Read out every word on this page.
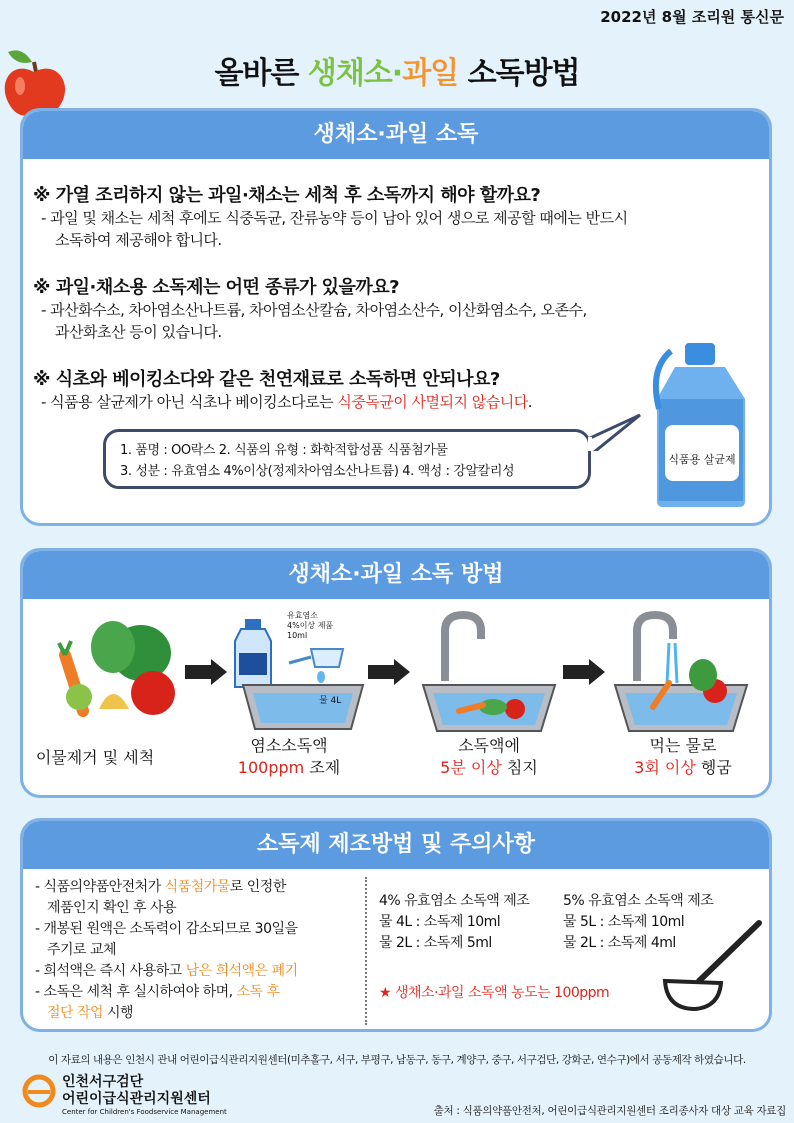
2022년 8월 조리원 통신문
올바른 생채소·과일 소독방법
생채소·과일 소독
※ 가열 조리하지 않는 과일·채소는 세척 후 소독까지 해야 할까요?
- 과일 및 채소는 세척 후에도 식중독균, 잔류농약 등이 남아 있어 생으로 제공할 때에는 반드시
소독하여 제공해야 합니다.
※ 과일·채소용 소독제는 어떤 종류가 있을까요?
- 과산화수소, 차아염소산나트륨, 차아염소산칼슘, 차아염소산수, 이산화염소수, 오존수,
과산화초산 등이 있습니다.
※ 식초와 베이킹소다와 같은 천연재료로 소독하면 안되나요?
- 식품용 살균제가 아닌 식초나 베이킹소다로는 식중독균이 사멸되지 않습니다.
1. 품명 : OO락스 2. 식품의 유형 : 화학적합성품 식품첨가물
3. 성분 : 유효염소 4%이상(정제차아염소산나트륨) 4. 액성 : 강알칼리성
식품용 살균제
생채소·과일 소독 방법
유효염소
4%이상 제품
10ml
물 4L
이물제거 및 세척
염소소독액
100ppm 조제
소독액에
5분 이상 침지
먹는 물로
3회 이상 헹굼
소독제 제조방법 및 주의사항
- 식품의약품안전처가 식품첨가물로 인정한
제품인지 확인 후 사용
- 개봉된 원액은 소독력이 감소되므로 30일을
주기로 교체
- 희석액은 즉시 사용하고 남은 희석액은 폐기
- 소독은 세척 후 실시하여야 하며, 소독 후
절단 작업 시행
4% 유효염소 소독액 제조
물 4L : 소독제 10ml
물 2L : 소독제 5ml
5% 유효염소 소독액 제조
물 5L : 소독제 10ml
물 2L : 소독제 4ml
★ 생채소·과일 소독액 농도는 100ppm
이 자료의 내용은 인천시 관내 어린이급식관리지원센터(미추홀구, 서구, 부평구, 남동구, 동구, 계양구, 중구, 서구검단, 강화군, 연수구)에서 공동제작 하였습니다.
인천서구검단
어린이급식관리지원센터
Center for Children's Foodservice Management	출처 : 식품의약품안전처, 어린이급식관리지원센터 조리종사자 대상 교육 자료집
